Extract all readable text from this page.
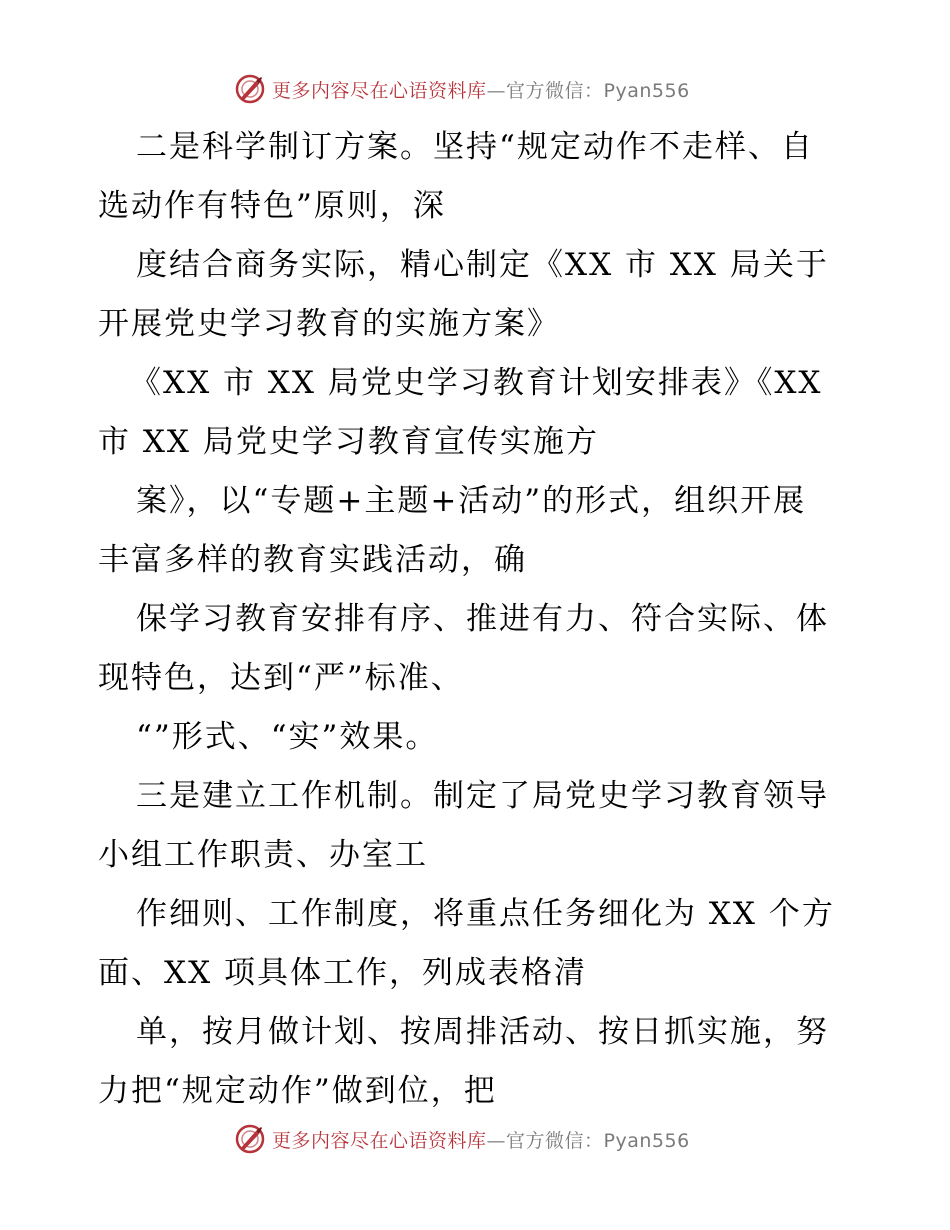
更多内容尽在心语资料库—官方微信：Pyan556
二是科学制订方案。坚持“规定动作不走样、自
选动作有特色”原则，深
度结合商务实际，精心制定《XX 市 XX 局关于
开展党史学习教育的实施方案》
《XX 市 XX 局党史学习教育计划安排表》《XX
市 XX 局党史学习教育宣传实施方
案》，以“专题+主题+活动”的形式，组织开展
丰富多样的教育实践活动，确
保学习教育安排有序、推进有力、符合实际、体
现特色，达到“严”标准、
“”形式、“实”效果。
三是建立工作机制。制定了局党史学习教育领导
小组工作职责、办室工
作细则、工作制度，将重点任务细化为 XX 个方
面、XX 项具体工作，列成表格清
单，按月做计划、按周排活动、按日抓实施，努
力把“规定动作”做到位，把
更多内容尽在心语资料库—官方微信：Pyan556
